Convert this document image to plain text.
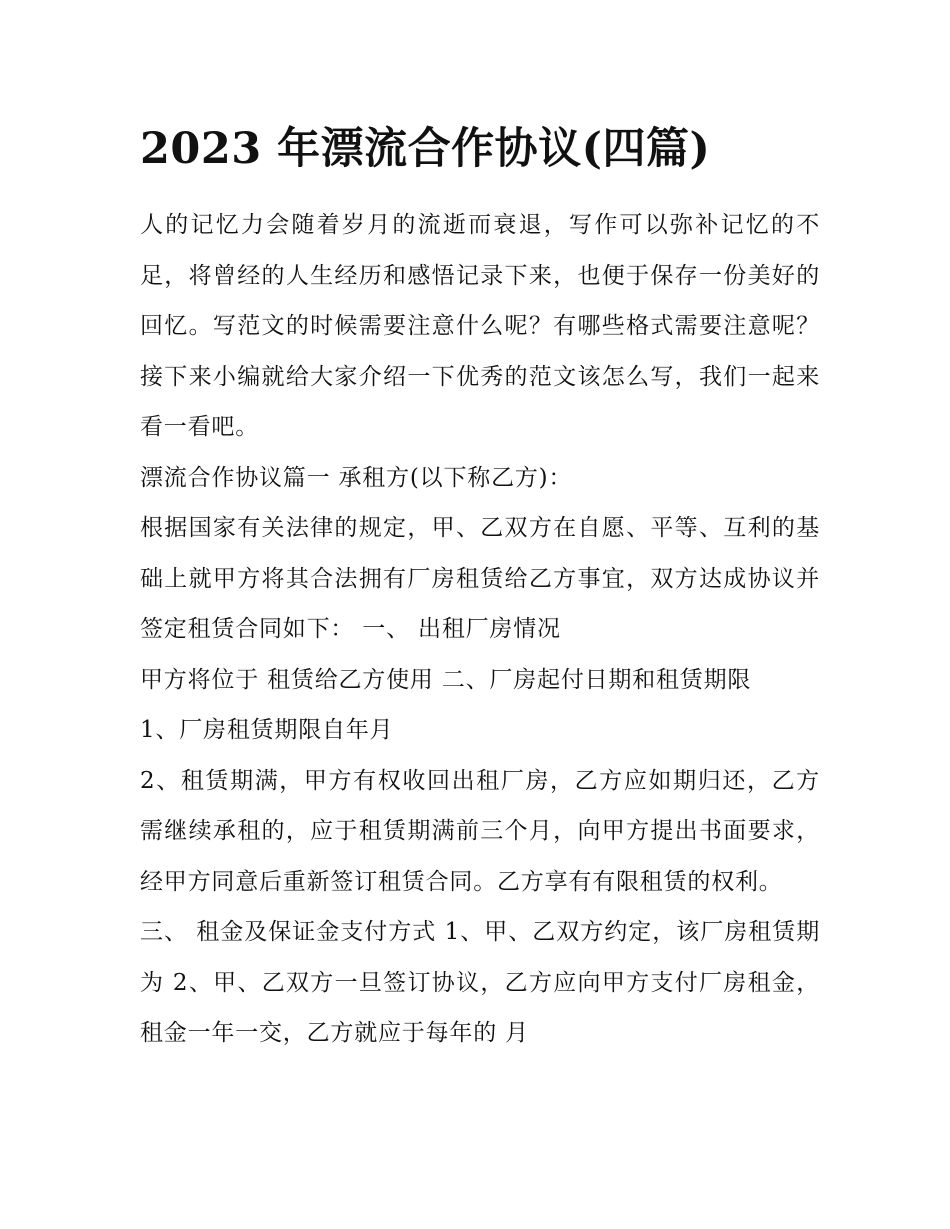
2023 年漂流合作协议(四篇)

人的记忆力会随着岁月的流逝而衰退，写作可以弥补记忆的不足，将曾经的人生经历和感悟记录下来，也便于保存一份美好的回忆。写范文的时候需要注意什么呢？有哪些格式需要注意呢？接下来小编就给大家介绍一下优秀的范文该怎么写，我们一起来看一看吧。

漂流合作协议篇一 承租方(以下称乙方)：

根据国家有关法律的规定，甲、乙双方在自愿、平等、互利的基础上就甲方将其合法拥有厂房租赁给乙方事宜，双方达成协议并签定租赁合同如下： 一、 出租厂房情况

甲方将位于 租赁给乙方使用 二、厂房起付日期和租赁期限

1、厂房租赁期限自年月

2、租赁期满，甲方有权收回出租厂房，乙方应如期归还，乙方需继续承租的，应于租赁期满前三个月，向甲方提出书面要求，经甲方同意后重新签订租赁合同。乙方享有有限租赁的权利。

三、 租金及保证金支付方式 1、甲、乙双方约定，该厂房租赁期为 2、甲、乙双方一旦签订协议，乙方应向甲方支付厂房租金，租金一年一交，乙方就应于每年的 月
